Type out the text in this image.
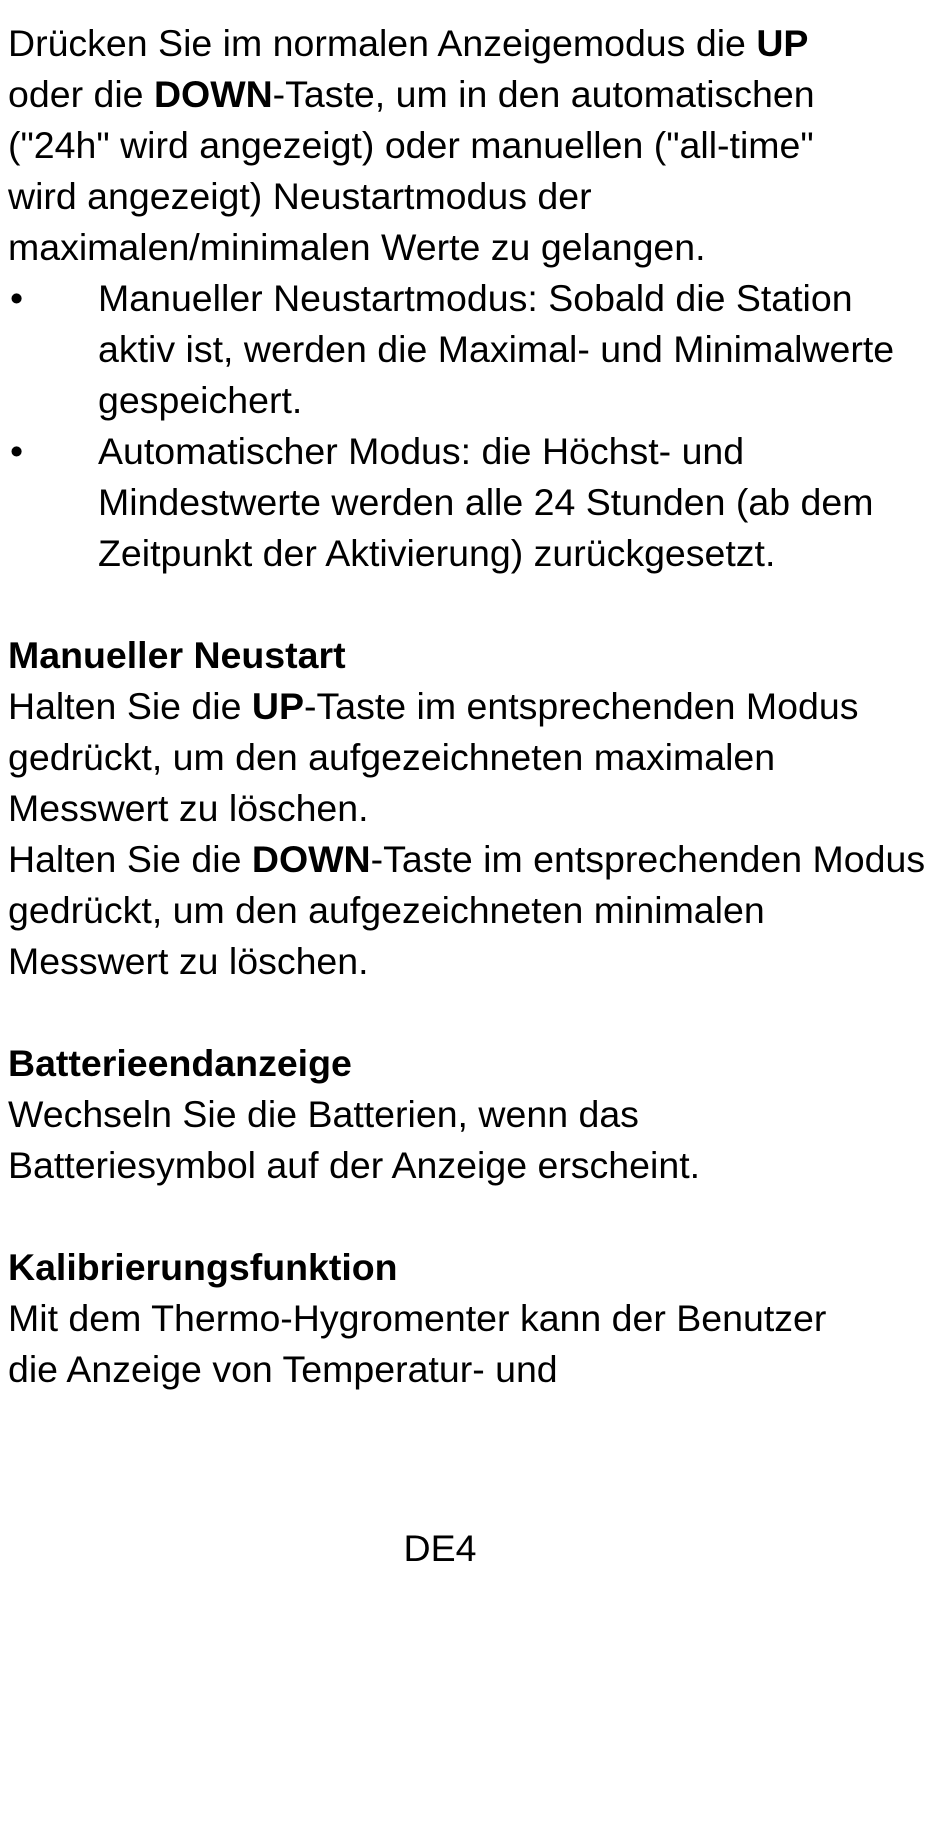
Drücken Sie im normalen Anzeigemodus die UP
oder die DOWN-Taste, um in den automatischen ("24h" wird angezeigt) oder manuellen ("all-time" wird angezeigt) Neustartmodus der maximalen/minimalen Werte zu gelangen.

• Manueller Neustartmodus: Sobald die Station aktiv ist, werden die Maximal- und Minimalwerte gespeichert.
• Automatischer Modus: die Höchst- und Mindestwerte werden alle 24 Stunden (ab dem Zeitpunkt der Aktivierung) zurückgesetzt.
Manueller Neustart

Halten Sie die UP-Taste im entsprechenden Modus gedrückt, um den aufgezeichneten maximalen Messwert zu löschen.

Halten Sie die DOWN-Taste im entsprechenden Modus gedrückt, um den aufgezeichneten minimalen Messwert zu löschen.

Batterieendanzeige

Wechseln Sie die Batterien, wenn das Batteriesymbol auf der Anzeige erscheint.

Kalibrierungsfunktion

Mit dem Thermo-Hygromenter kann der Benutzer die Anzeige von Temperatur- und

DE4
